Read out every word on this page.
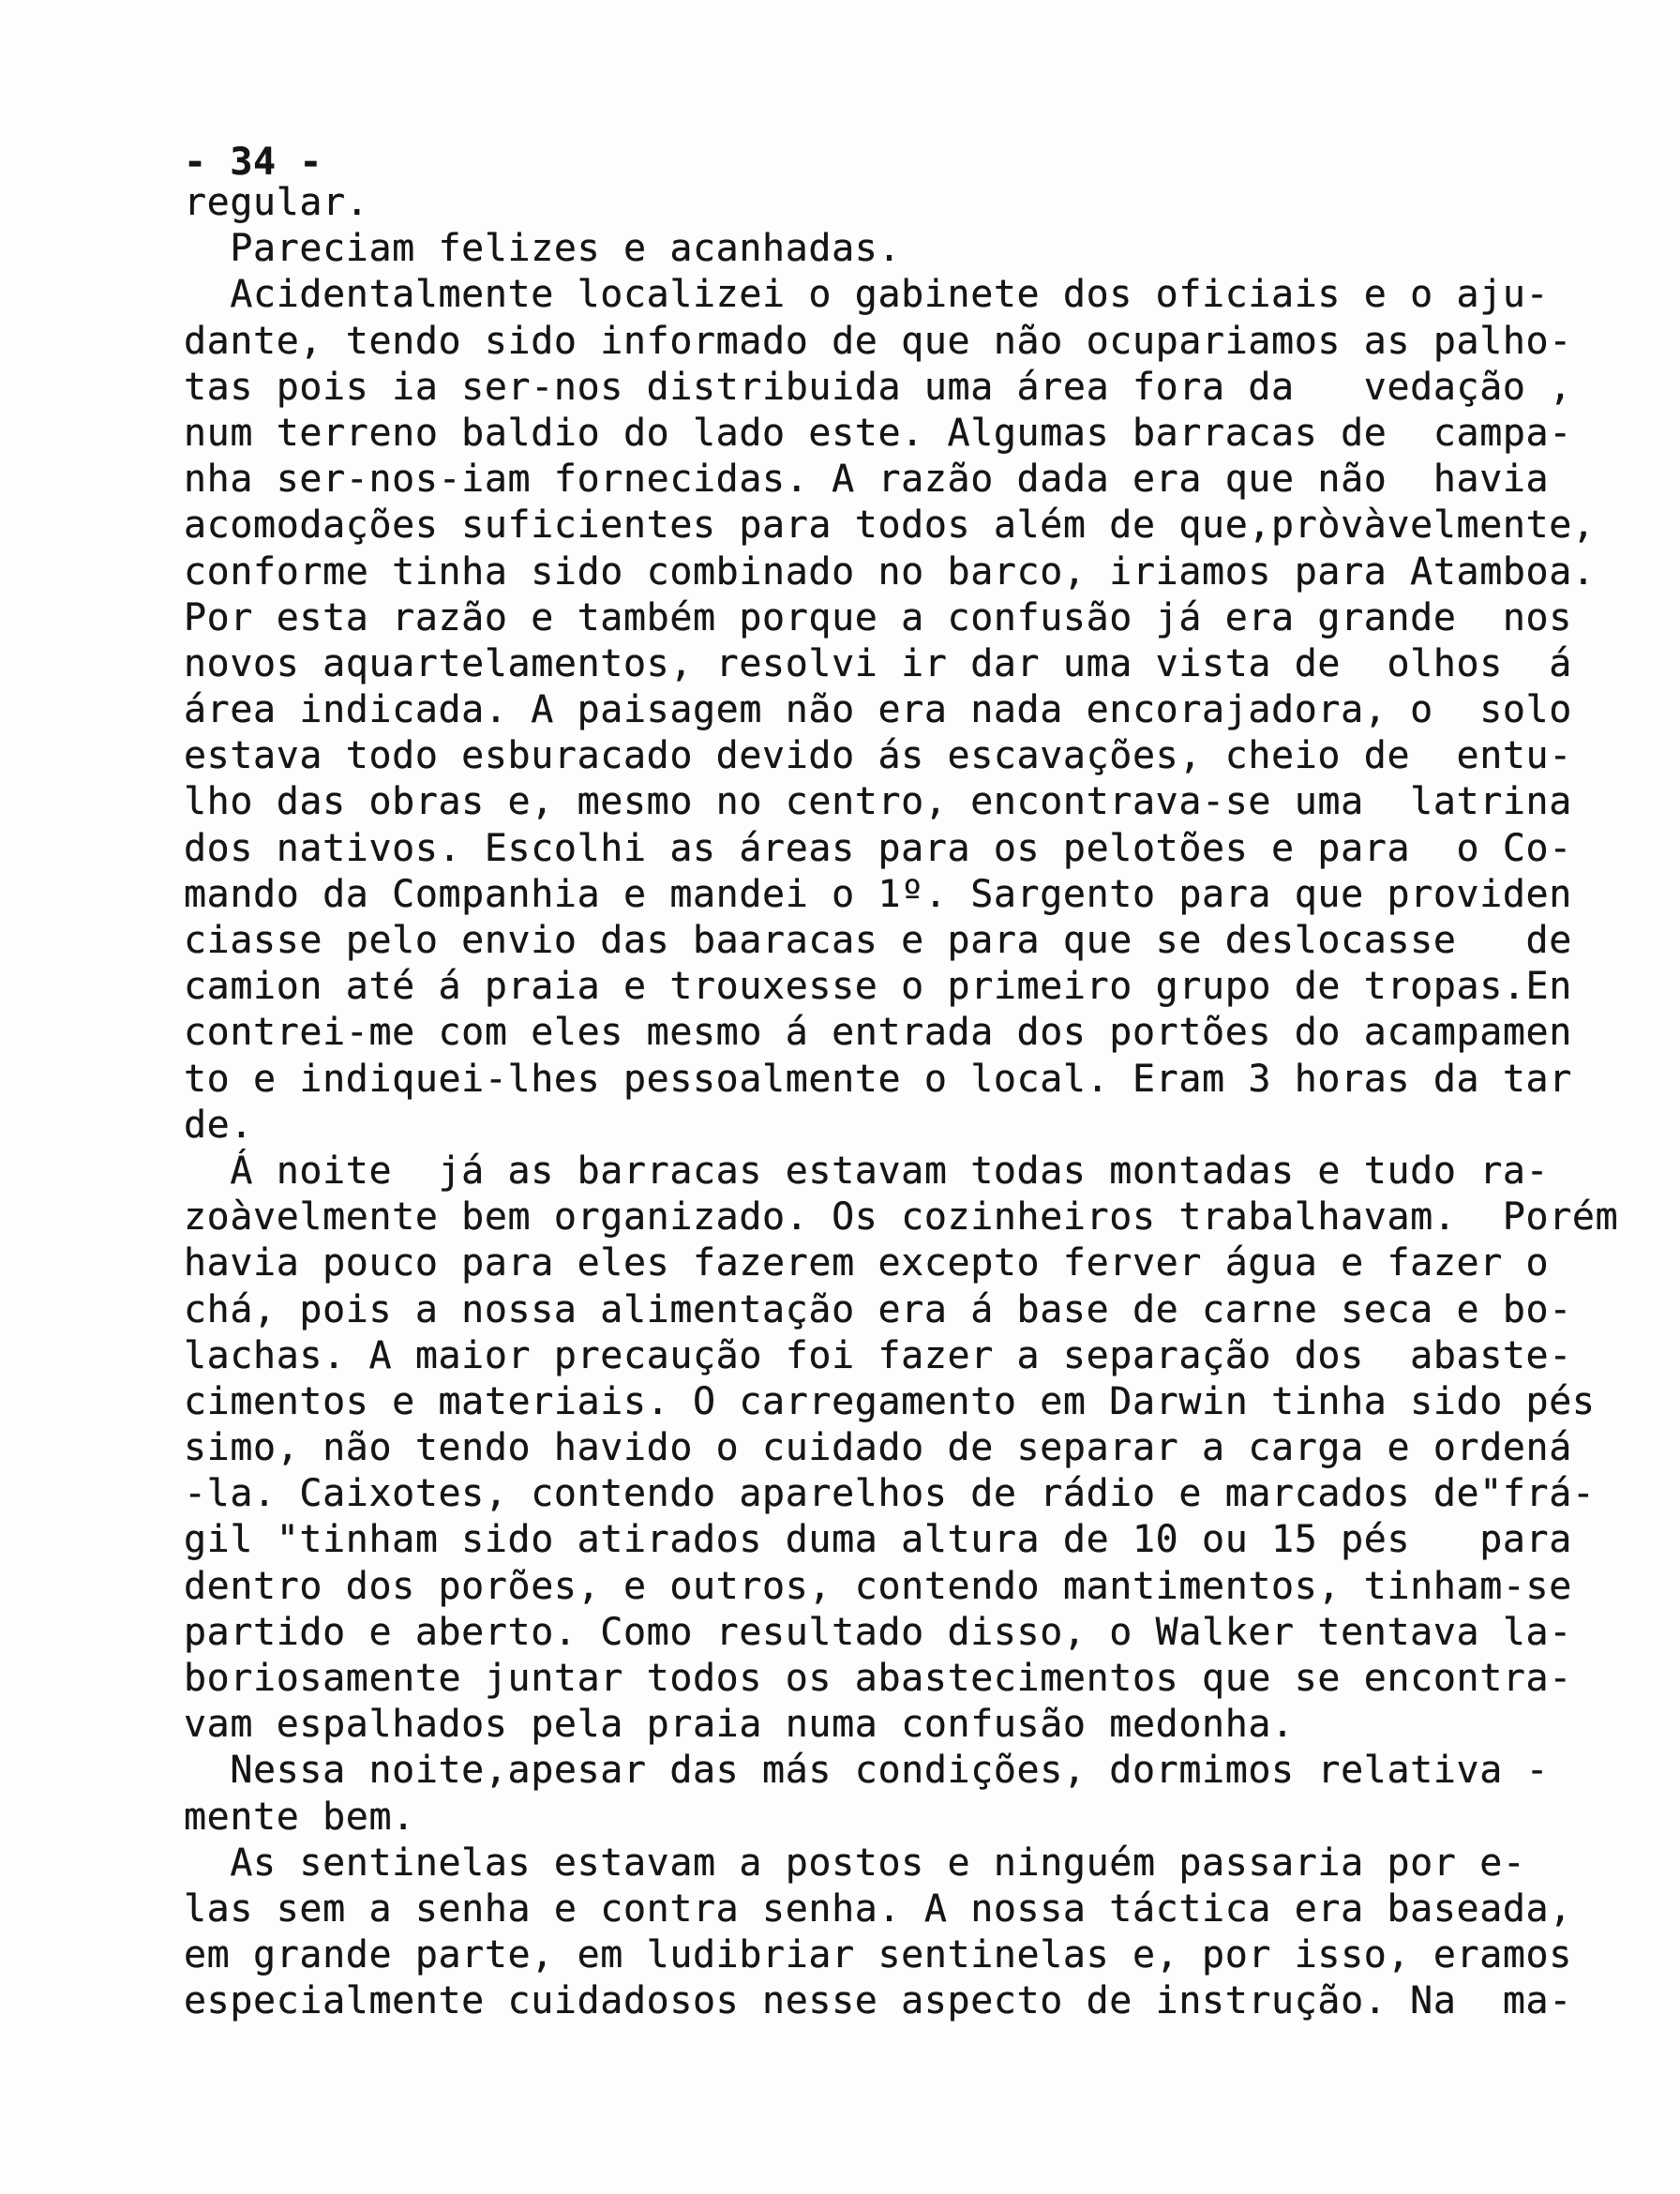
- 34 -
regular.
Pareciam felizes e acanhadas.
Acidentalmente localizei o gabinete dos oficiais e o aju-
dante, tendo sido informado de que não ocupariamos as palho-
tas pois ia ser-nos distribuida uma área fora da   vedação ,
num terreno baldio do lado este. Algumas barracas de  campa-
nha ser-nos-iam fornecidas. A razão dada era que não  havia
acomodações suficientes para todos além de que,pròvàvelmente,
conforme tinha sido combinado no barco, iriamos para Atamboa.
Por esta razão e também porque a confusão já era grande  nos
novos aquartelamentos, resolvi ir dar uma vista de  olhos  á
área indicada. A paisagem não era nada encorajadora, o  solo
estava todo esburacado devido ás escavações, cheio de  entu-
lho das obras e, mesmo no centro, encontrava-se uma  latrina
dos nativos. Escolhi as áreas para os pelotões e para  o Co-
mando da Companhia e mandei o 1º. Sargento para que providen
ciasse pelo envio das baaracas e para que se deslocasse   de
camion até á praia e trouxesse o primeiro grupo de tropas.En
contrei-me com eles mesmo á entrada dos portões do acampamen
to e indiquei-lhes pessoalmente o local. Eram 3 horas da tar
de.
Á noite  já as barracas estavam todas montadas e tudo ra-
zoàvelmente bem organizado. Os cozinheiros trabalhavam.  Porém
havia pouco para eles fazerem excepto ferver água e fazer o
chá, pois a nossa alimentação era á base de carne seca e bo-
lachas. A maior precaução foi fazer a separação dos  abaste-
cimentos e materiais. O carregamento em Darwin tinha sido pés
simo, não tendo havido o cuidado de separar a carga e ordená
-la. Caixotes, contendo aparelhos de rádio e marcados de"frá-
gil "tinham sido atirados duma altura de 10 ou 15 pés   para
dentro dos porões, e outros, contendo mantimentos, tinham-se
partido e aberto. Como resultado disso, o Walker tentava la-
boriosamente juntar todos os abastecimentos que se encontra-
vam espalhados pela praia numa confusão medonha.
Nessa noite,apesar das más condições, dormimos relativa -
mente bem.
As sentinelas estavam a postos e ninguém passaria por e-
las sem a senha e contra senha. A nossa táctica era baseada,
em grande parte, em ludibriar sentinelas e, por isso, eramos
especialmente cuidadosos nesse aspecto de instrução. Na  ma-
